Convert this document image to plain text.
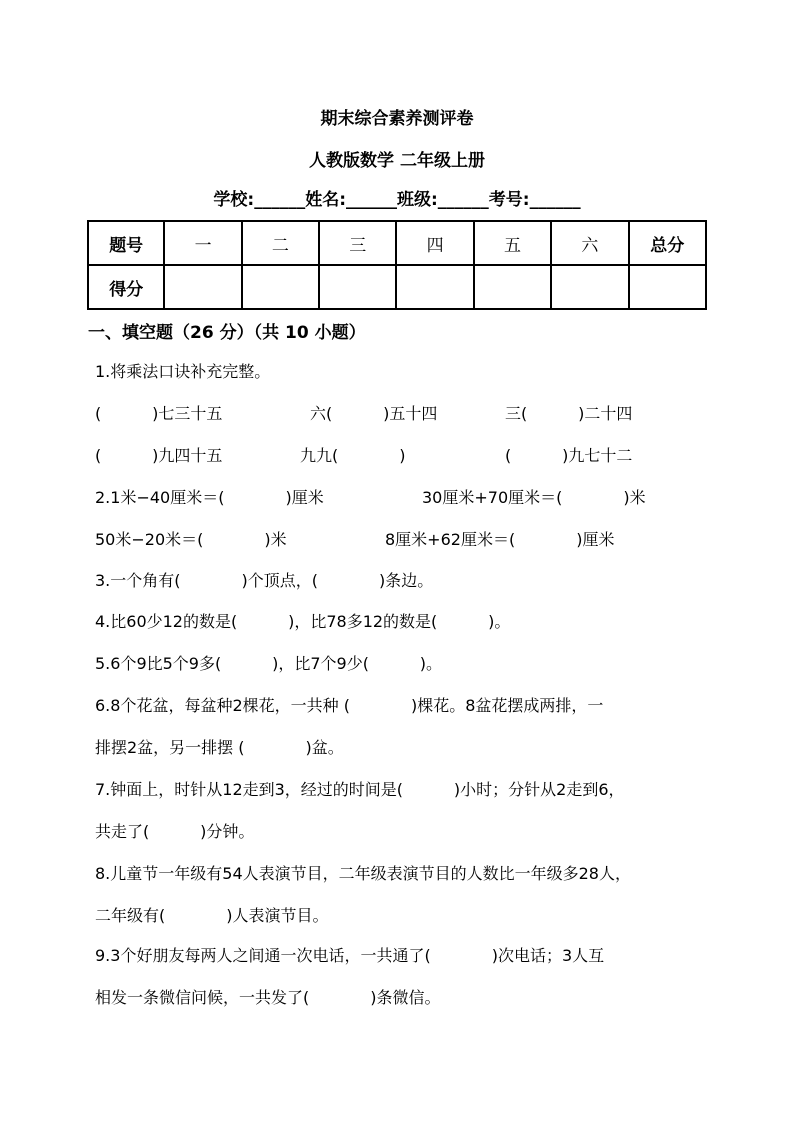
期末综合素养测评卷
人教版数学 二年级上册
学校:______姓名:______班级:______考号:______
题号	一	二	三	四	五	六	总分
得分							
一、填空题（26 分）（共 10 小题）
1.将乘法口诀补充完整。
(          )七三十五	六(          )五十四	三(          )二十四
(          )九四十五	九九(            )	(          )九七十二
2.1米−40厘米＝(            )厘米	30厘米+70厘米＝(            )米
50米−20米＝(            )米	8厘米+62厘米＝(            )厘米
3.一个角有(            )个顶点，(            )条边。
4.比60少12的数是(          )，比78多12的数是(          )。
5.6个9比5个9多(          )，比7个9少(          )。
6.8个花盆，每盆种2棵花，一共种 (            )棵花。8盆花摆成两排，一
排摆2盆，另一排摆 (            )盆。
7.钟面上，时针从12走到3，经过的时间是(          )小时；分针从2走到6，
共走了(          )分钟。
8.儿童节一年级有54人表演节目，二年级表演节目的人数比一年级多28人，
二年级有(            )人表演节目。
9.3个好朋友每两人之间通一次电话，一共通了(            )次电话；3人互
相发一条微信问候，一共发了(            )条微信。
